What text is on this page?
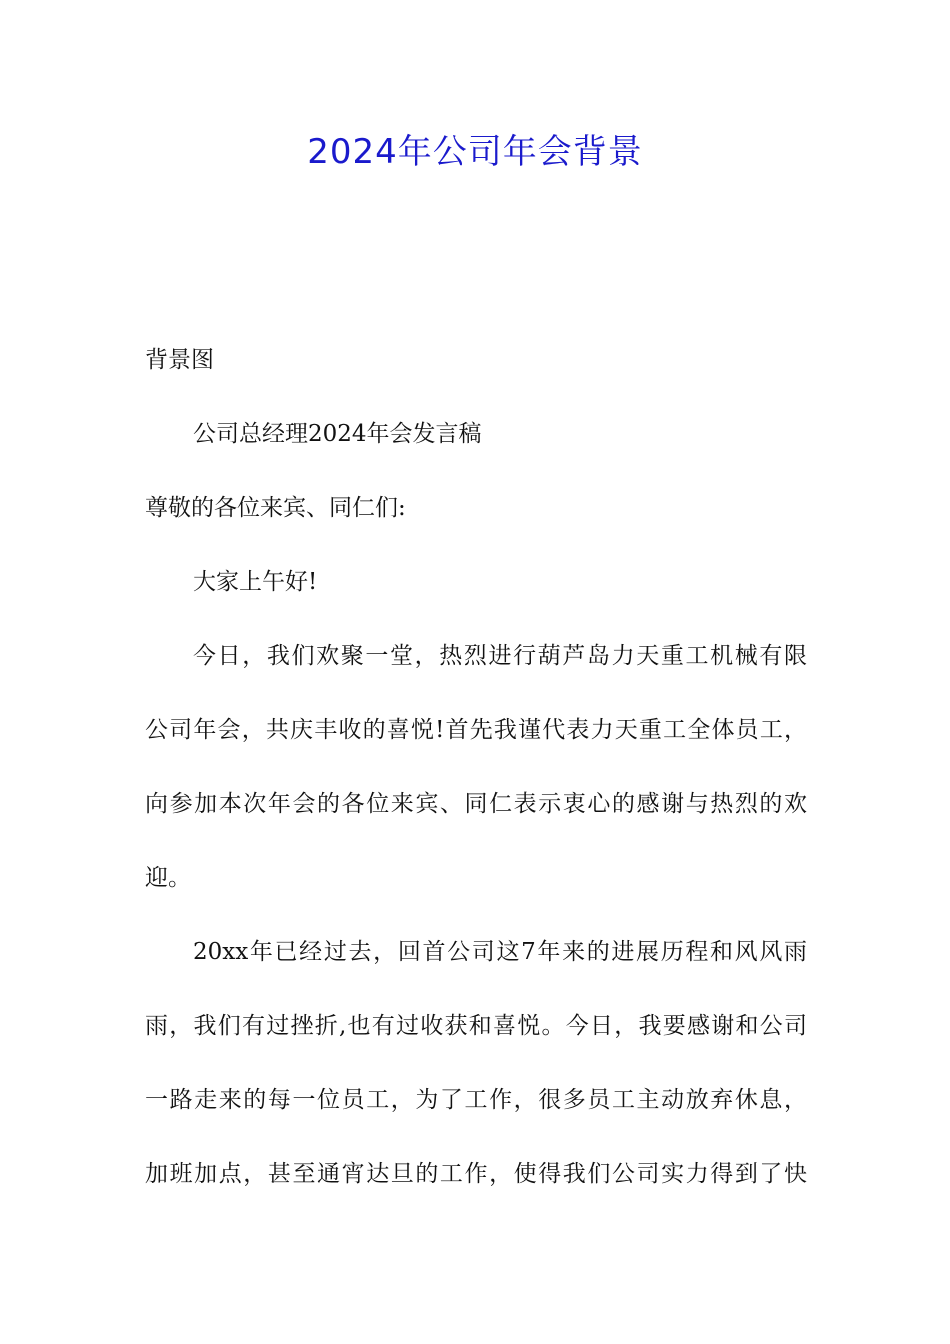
2024年公司年会背景
背景图
公司总经理2024年会发言稿
尊敬的各位来宾、同仁们:
大家上午好!
今日，我们欢聚一堂，热烈进行葫芦岛力天重工机械有限
公司年会，共庆丰收的喜悦!首先我谨代表力天重工全体员工，
向参加本次年会的各位来宾、同仁表示衷心的感谢与热烈的欢
迎。
20xx年已经过去，回首公司这7年来的进展历程和风风雨
雨，我们有过挫折,也有过收获和喜悦。今日，我要感谢和公司
一路走来的每一位员工，为了工作，很多员工主动放弃休息，
加班加点，甚至通宵达旦的工作，使得我们公司实力得到了快
